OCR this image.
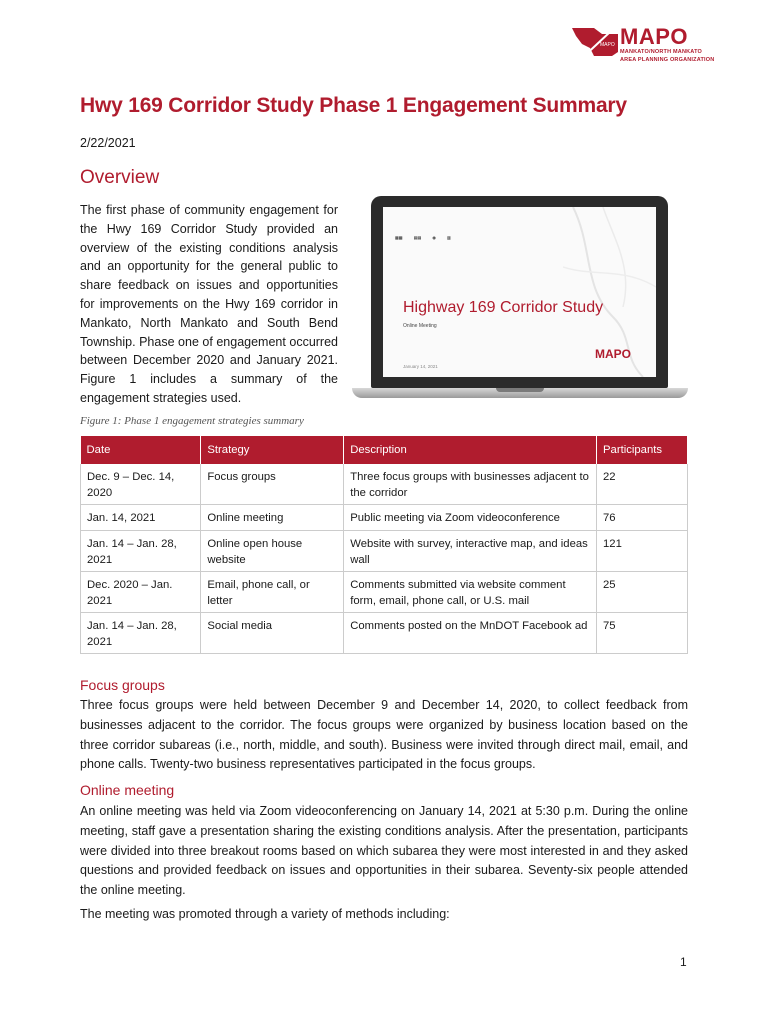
MAPO MAPO
MANKATO/NORTH MANKATO
AREA PLANNING ORGANIZATION
Hwy 169 Corridor Study Phase 1 Engagement Summary
2/22/2021
Overview
The first phase of community engagement for the Hwy 169 Corridor Study provided an overview of the existing conditions analysis and an opportunity for the general public to share feedback on issues and opportunities for improvements on the Hwy 169 corridor in Mankato, North Mankato and South Bend Township. Phase one of engagement occurred between December 2020 and January 2021. Figure 1 includes a summary of the engagement strategies used.
▦▦	▤▤	◉	▥
Highway 169 Corridor Study
Online Meeting
January 14, 2021
MAPO
Figure 1: Phase 1 engagement strategies summary
Date	Strategy	Description	Participants
Dec. 9 – Dec. 14, 2020	Focus groups	Three focus groups with businesses adjacent to the corridor	22
Jan. 14, 2021	Online meeting	Public meeting via Zoom videoconference	76
Jan. 14 – Jan. 28, 2021	Online open house website	Website with survey, interactive map, and ideas wall	121
Dec. 2020 – Jan. 2021	Email, phone call, or letter	Comments submitted via website comment form, email, phone call, or U.S. mail	25
Jan. 14 – Jan. 28, 2021	Social media	Comments posted on the MnDOT Facebook ad	75
Focus groups
Three focus groups were held between December 9 and December 14, 2020, to collect feedback from businesses adjacent to the corridor. The focus groups were organized by business location based on the three corridor subareas (i.e., north, middle, and south). Business were invited through direct mail, email, and phone calls. Twenty-two business representatives participated in the focus groups.
Online meeting
An online meeting was held via Zoom videoconferencing on January 14, 2021 at 5:30 p.m. During the online meeting, staff gave a presentation sharing the existing conditions analysis. After the presentation, participants were divided into three breakout rooms based on which subarea they were most interested in and they asked questions and provided feedback on issues and opportunities in their subarea. Seventy-six people attended the online meeting.
The meeting was promoted through a variety of methods including:
1
